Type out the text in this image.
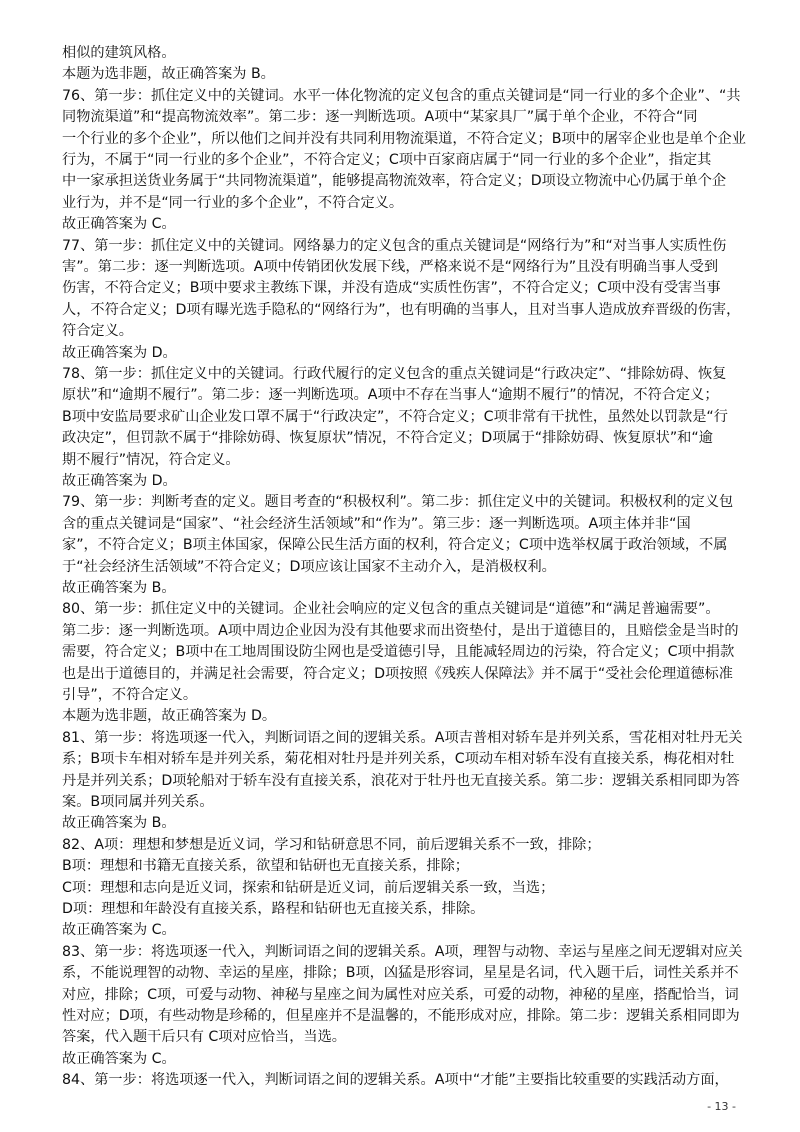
相似的建筑风格。
本题为选非题，故正确答案为 B。
76、第一步：抓住定义中的关键词。水平一体化物流的定义包含的重点关键词是“同一行业的多个企业”、“共
同物流渠道”和“提高物流效率”。第二步：逐一判断选项。A项中“某家具厂”属于单个企业，不符合“同
一个行业的多个企业”，所以他们之间并没有共同利用物流渠道，不符合定义；B项中的屠宰企业也是单个企业
行为，不属于“同一行业的多个企业”，不符合定义；C项中百家商店属于“同一行业的多个企业”，指定其
中一家承担送货业务属于“共同物流渠道”，能够提高物流效率，符合定义；D项设立物流中心仍属于单个企
业行为，并不是“同一行业的多个企业”，不符合定义。
故正确答案为 C。
77、第一步：抓住定义中的关键词。网络暴力的定义包含的重点关键词是“网络行为”和“对当事人实质性伤
害”。第二步：逐一判断选项。A项中传销团伙发展下线，严格来说不是“网络行为”且没有明确当事人受到
伤害，不符合定义；B项中要求主教练下课，并没有造成“实质性伤害”，不符合定义；C项中没有受害当事
人，不符合定义；D项有曝光选手隐私的“网络行为”，也有明确的当事人，且对当事人造成放弃晋级的伤害，
符合定义。
故正确答案为 D。
78、第一步：抓住定义中的关键词。行政代履行的定义包含的重点关键词是“行政决定”、“排除妨碍、恢复
原状”和“逾期不履行”。第二步：逐一判断选项。A项中不存在当事人“逾期不履行”的情况，不符合定义；
B项中安监局要求矿山企业发口罩不属于“行政决定”，不符合定义；C项非常有干扰性，虽然处以罚款是“行
政决定”，但罚款不属于“排除妨碍、恢复原状”情况，不符合定义；D项属于“排除妨碍、恢复原状”和“逾
期不履行”情况，符合定义。
故正确答案为 D。
79、第一步：判断考查的定义。题目考查的“积极权利”。第二步：抓住定义中的关键词。积极权利的定义包
含的重点关键词是“国家”、“社会经济生活领域”和“作为”。第三步：逐一判断选项。A项主体并非“国
家”，不符合定义；B项主体国家，保障公民生活方面的权利，符合定义；C项中选举权属于政治领域，不属
于“社会经济生活领域”不符合定义；D项应该让国家不主动介入，是消极权利。
故正确答案为 B。
80、第一步：抓住定义中的关键词。企业社会响应的定义包含的重点关键词是“道德”和“满足普遍需要”。
第二步：逐一判断选项。A项中周边企业因为没有其他要求而出资垫付，是出于道德目的，且赔偿金是当时的
需要，符合定义；B项中在工地周围设防尘网也是受道德引导，且能减轻周边的污染，符合定义；C项中捐款
也是出于道德目的，并满足社会需要，符合定义；D项按照《残疾人保障法》并不属于“受社会伦理道德标准
引导”，不符合定义。
本题为选非题，故正确答案为 D。
81、第一步：将选项逐一代入，判断词语之间的逻辑关系。A项吉普相对轿车是并列关系，雪花相对牡丹无关
系；B项卡车相对轿车是并列关系，菊花相对牡丹是并列关系，C项动车相对轿车没有直接关系，梅花相对牡
丹是并列关系；D项轮船对于轿车没有直接关系，浪花对于牡丹也无直接关系。第二步：逻辑关系相同即为答
案。B项同属并列关系。
故正确答案为 B。
82、A项：理想和梦想是近义词，学习和钻研意思不同，前后逻辑关系不一致，排除；
B项：理想和书籍无直接关系，欲望和钻研也无直接关系，排除；
C项：理想和志向是近义词，探索和钻研是近义词，前后逻辑关系一致，当选；
D项：理想和年龄没有直接关系，路程和钻研也无直接关系，排除。
故正确答案为 C。
83、第一步：将选项逐一代入，判断词语之间的逻辑关系。A项，理智与动物、幸运与星座之间无逻辑对应关
系，不能说理智的动物、幸运的星座，排除；B项，凶猛是形容词，星星是名词，代入题干后，词性关系并不
对应，排除；C项，可爱与动物、神秘与星座之间为属性对应关系，可爱的动物，神秘的星座，搭配恰当，词
性对应；D项，有些动物是珍稀的，但星座并不是温馨的，不能形成对应，排除。第二步：逻辑关系相同即为
答案，代入题干后只有 C项对应恰当，当选。
故正确答案为 C。
84、第一步：将选项逐一代入，判断词语之间的逻辑关系。A项中“才能”主要指比较重要的实践活动方面，
- 13 -
